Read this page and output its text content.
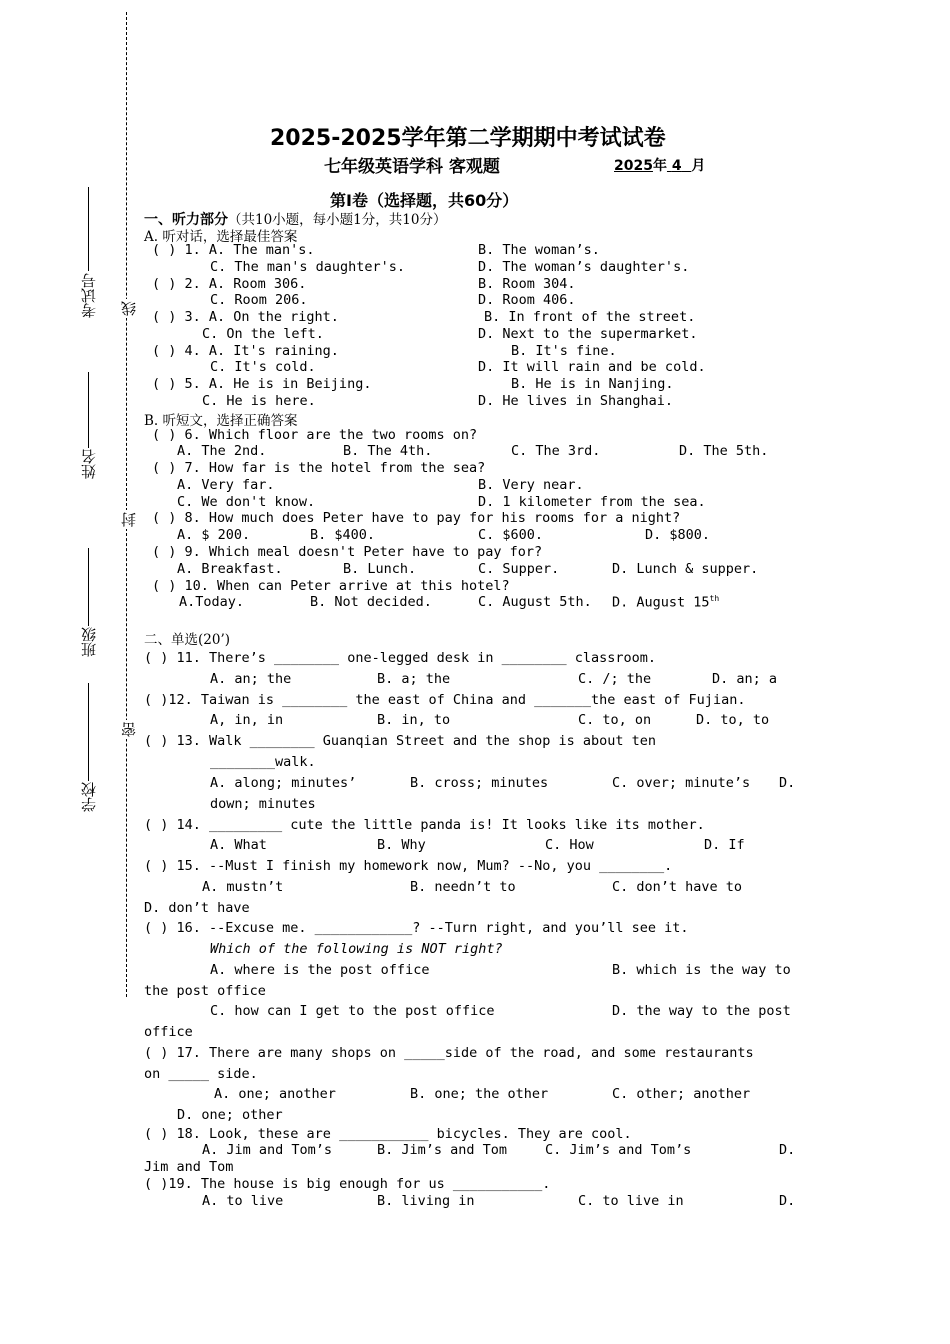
考试号
姓名
班级
学校
线
封
密
2025-2025学年第二学期期中考试试卷
七年级英语学科 客观题	2025年 4 月
第Ⅰ卷（选择题，共60分）
一、听力部分（共10小题，每小题1分，共10分）
A. 听对话，选择最佳答案
( ) 1. A. The man's.	B. The woman’s.
C. The man's daughter's.	D. The woman’s daughter's.
( ) 2. A. Room 306.	B. Room 304.
C. Room 206.	D. Room 406.
( ) 3. A. On the right.	B. In front of the street.
C. On the left.	D. Next to the supermarket.
( ) 4. A. It's raining.	B. It's fine.
C. It's cold.	D. It will rain and be cold.
( ) 5. A. He is in Beijing.	B. He is in Nanjing.
C. He is here.	D. He lives in Shanghai.
B. 听短文，选择正确答案
( ) 6. Which floor are the two rooms on?
A. The 2nd.	B. The 4th.	C. The 3rd.	D. The 5th.
( ) 7. How far is the hotel from the sea?
A. Very far.	B. Very near.
C. We don't know.	D. 1 kilometer from the sea.
( ) 8. How much does Peter have to pay for his rooms for a night?
A. $ 200.	B. $400.	C. $600.	D. $800.
( ) 9. Which meal doesn't Peter have to pay for?
A. Breakfast.	B. Lunch.	C. Supper.	D. Lunch & supper.
( ) 10. When can Peter arrive at this hotel?
A.Today.	B. Not decided.	C. August 5th. D. August 15th
二、单选(20’)
( ) 11. There’s ________ one-legged desk in ________ classroom.
A. an; the	B. a; the	C. /; the	D. an; a
( )12. Taiwan is ________ the east of China and _______the east of Fujian.
A, in, in	B. in, to	C. to, on	D. to, to
( ) 13. Walk ________ Guanqian Street and the shop is about ten
________walk.
A. along; minutes’	B. cross; minutes	C. over; minute’s D.
down; minutes
( ) 14. _________ cute the little panda is! It looks like its mother.
A. What	B. Why	C. How	D. If
( ) 15. --Must I finish my homework now, Mum? --No, you ________.
A. mustn’t	B. needn’t to	C. don’t have to
D. don’t have
( ) 16. --Excuse me. ____________? --Turn right, and you’ll see it.
Which of the following is NOT right?
A. where is the post office	B. which is the way to
the post office
C. how can I get to the post office	D. the way to the post
office
( ) 17. There are many shops on _____side of the road, and some restaurants
on _____ side.
A. one; another	B. one; the other	C. other; another
D. one; other
( ) 18. Look, these are ___________ bicycles. They are cool.
A. Jim and Tom’s	B. Jim’s and Tom	C. Jim’s and Tom’s	D.
Jim and Tom
( )19. The house is big enough for us ___________.
A. to live	B. living in	C. to live in	D.
